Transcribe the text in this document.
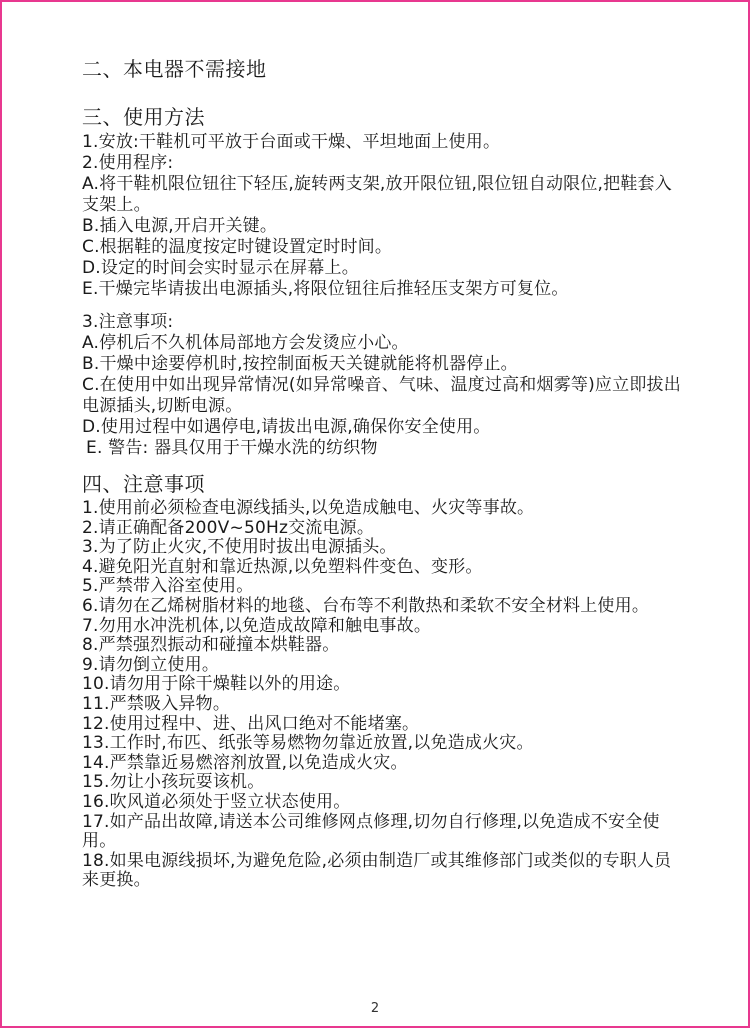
二、本电器不需接地
三、使用方法

1.安放:干鞋机可平放于台面或干燥、平坦地面上使用。

2.使用程序:

A.将干鞋机限位钮往下轻压,旋转两支架,放开限位钮,限位钮自动限位,把鞋套入支架上。

B.插入电源,开启开关键。

C.根据鞋的温度按定时键设置定时时间。

D.设定的时间会实时显示在屏幕上。

E.干燥完毕请拔出电源插头,将限位钮往后推轻压支架方可复位。

3.注意事项:

A.停机后不久机体局部地方会发烫应小心。

B.干燥中途要停机时,按控制面板天关键就能将机器停止。

C.在使用中如出现异常情况(如异常噪音、气味、温度过高和烟雾等)应立即拔出电源插头,切断电源。

D.使用过程中如遇停电,请拔出电源,确保你安全使用。

E. 警告: 器具仅用于干燥水洗的纺织物

四、注意事项

1.使用前必须检查电源线插头,以免造成触电、火灾等事故。

2.请正确配备200V~50Hz交流电源。

3.为了防止火灾,不使用时拔出电源插头。

4.避免阳光直射和靠近热源,以免塑料件变色、变形。

5.严禁带入浴室使用。

6.请勿在乙烯树脂材料的地毯、台布等不利散热和柔软不安全材料上使用。

7.勿用水冲洗机体,以免造成故障和触电事故。

8.严禁强烈振动和碰撞本烘鞋器。

9.请勿倒立使用。

10.请勿用于除干燥鞋以外的用途。

11.严禁吸入异物。

12.使用过程中、进、出风口绝对不能堵塞。

13.工作时,布匹、纸张等易燃物勿靠近放置,以免造成火灾。

14.严禁靠近易燃溶剂放置,以免造成火灾。

15.勿让小孩玩耍该机。

16.吹风道必须处于竖立状态使用。

17.如产品出故障,请送本公司维修网点修理,切勿自行修理,以免造成不安全使用。

18.如果电源线损坏,为避免危险,必须由制造厂或其维修部门或类似的专职人员来更换。

2
